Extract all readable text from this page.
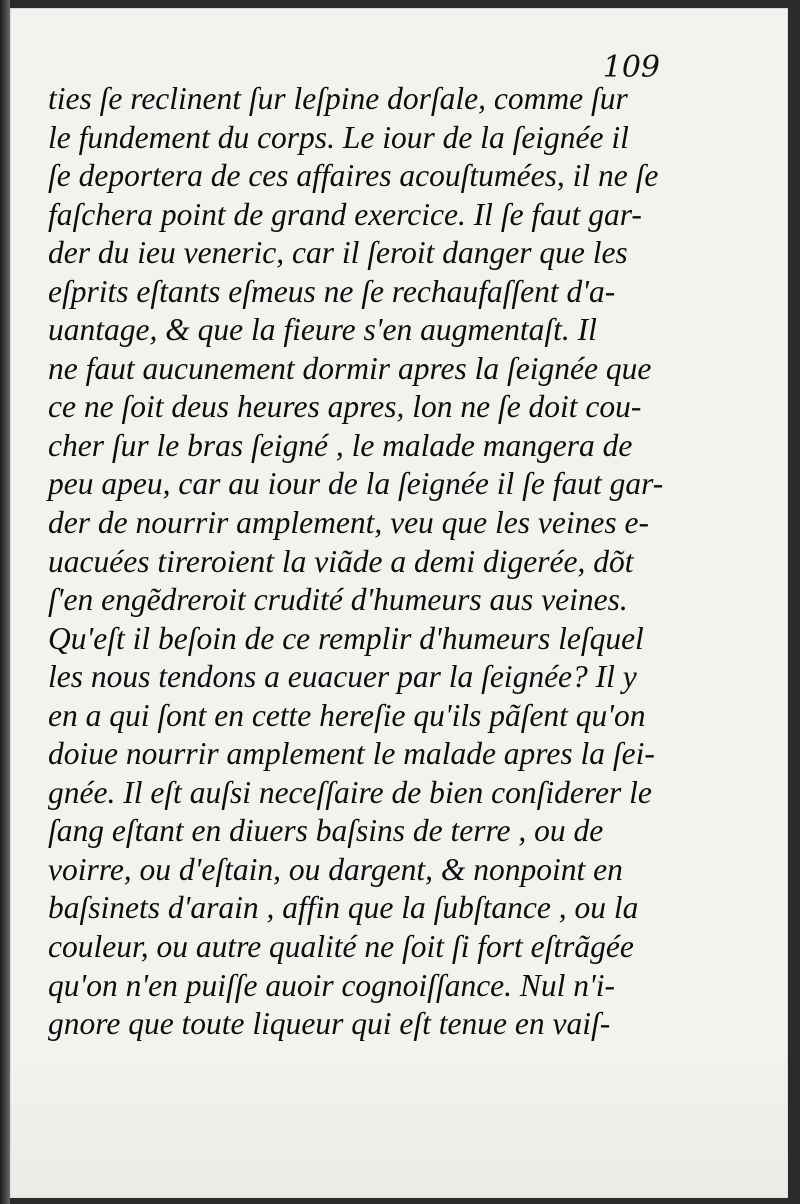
109
ties ſe reclinent ſur leſpine dorſale, comme ſur
le fundement du corps. Le iour de la ſeignée il
ſe deportera de ces affaires acouſtumées, il ne ſe
faſchera point de grand exercice. Il ſe faut gar-
der du ieu veneric, car il ſeroit danger que les
eſprits eſtants eſmeus ne ſe rechaufaſſent d'a-
uantage, & que la fieure s'en augmentaſt. Il
ne faut aucunement dormir apres la ſeignée que
ce ne ſoit deus heures apres, lon ne ſe doit cou-
cher ſur le bras ſeigné , le malade mangera de
peu apeu, car au iour de la ſeignée il ſe faut gar-
der de nourrir amplement, veu que les veines e-
uacuées tireroient la viãde a demi digerée, dõt
ſ'en engẽdreroit crudité d'humeurs aus veines.
Qu'eſt il beſoin de ce remplir d'humeurs leſquel
les nous tendons a euacuer par la ſeignée? Il y
en a qui ſont en cette hereſie qu'ils pãſent qu'on
doiue nourrir amplement le malade apres la ſei-
gnée. Il eſt auſsi neceſſaire de bien conſiderer le
ſang eſtant en diuers baſsins de terre , ou de
voirre, ou d'eſtain, ou dargent, & nonpoint en
baſsinets d'arain , affin que la ſubſtance , ou la
couleur, ou autre qualité ne ſoit ſi fort eſtrãgée
qu'on n'en puiſſe auoir cognoiſſance. Nul n'i-
gnore que toute liqueur qui eſt tenue en vaiſ-
